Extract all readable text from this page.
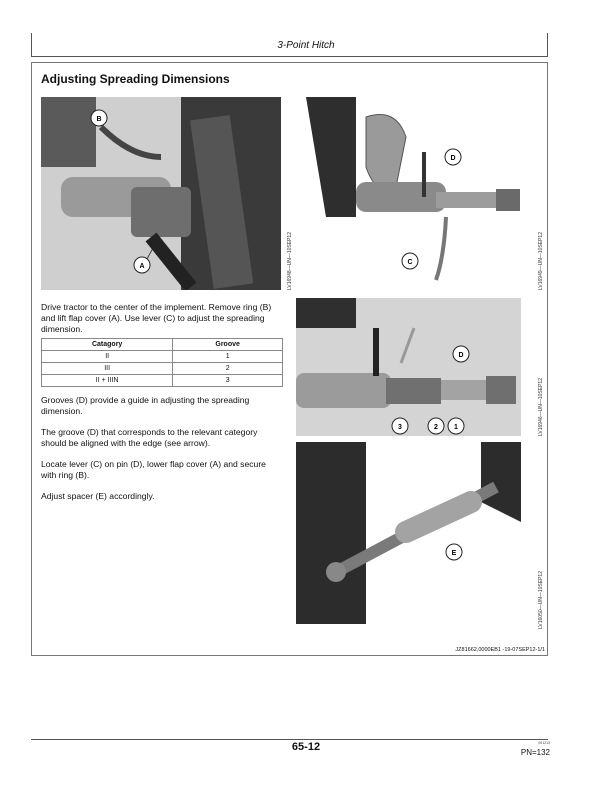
3-Point Hitch
Adjusting Spreading Dimensions
B
A	LV16948—UN—10SEP12
D
C	LV16949—UN—10SEP12
D
3	2 1	LV16946—UN—10SEP12
E
LV16050—UN—10SEP12

Drive tractor to the center of the implement. Remove ring (B) and lift flap cover (A). Use lever (C) to adjust the spreading dimension.

Catagory	Groove
II	1
III	2
II + IIIN	3

Grooves (D) provide a guide in adjusting the spreading dimension.

The groove (D) that corresponds to the relevant category should be aligned with the edge (see arrow).

Locate lever (C) on pin (D), lower flap cover (A) and secure with ring (B).

Adjust spacer (E) accordingly.

JZ81662,0000EB1 -19-07SEP12-1/1
65-12	091213
PN=132
